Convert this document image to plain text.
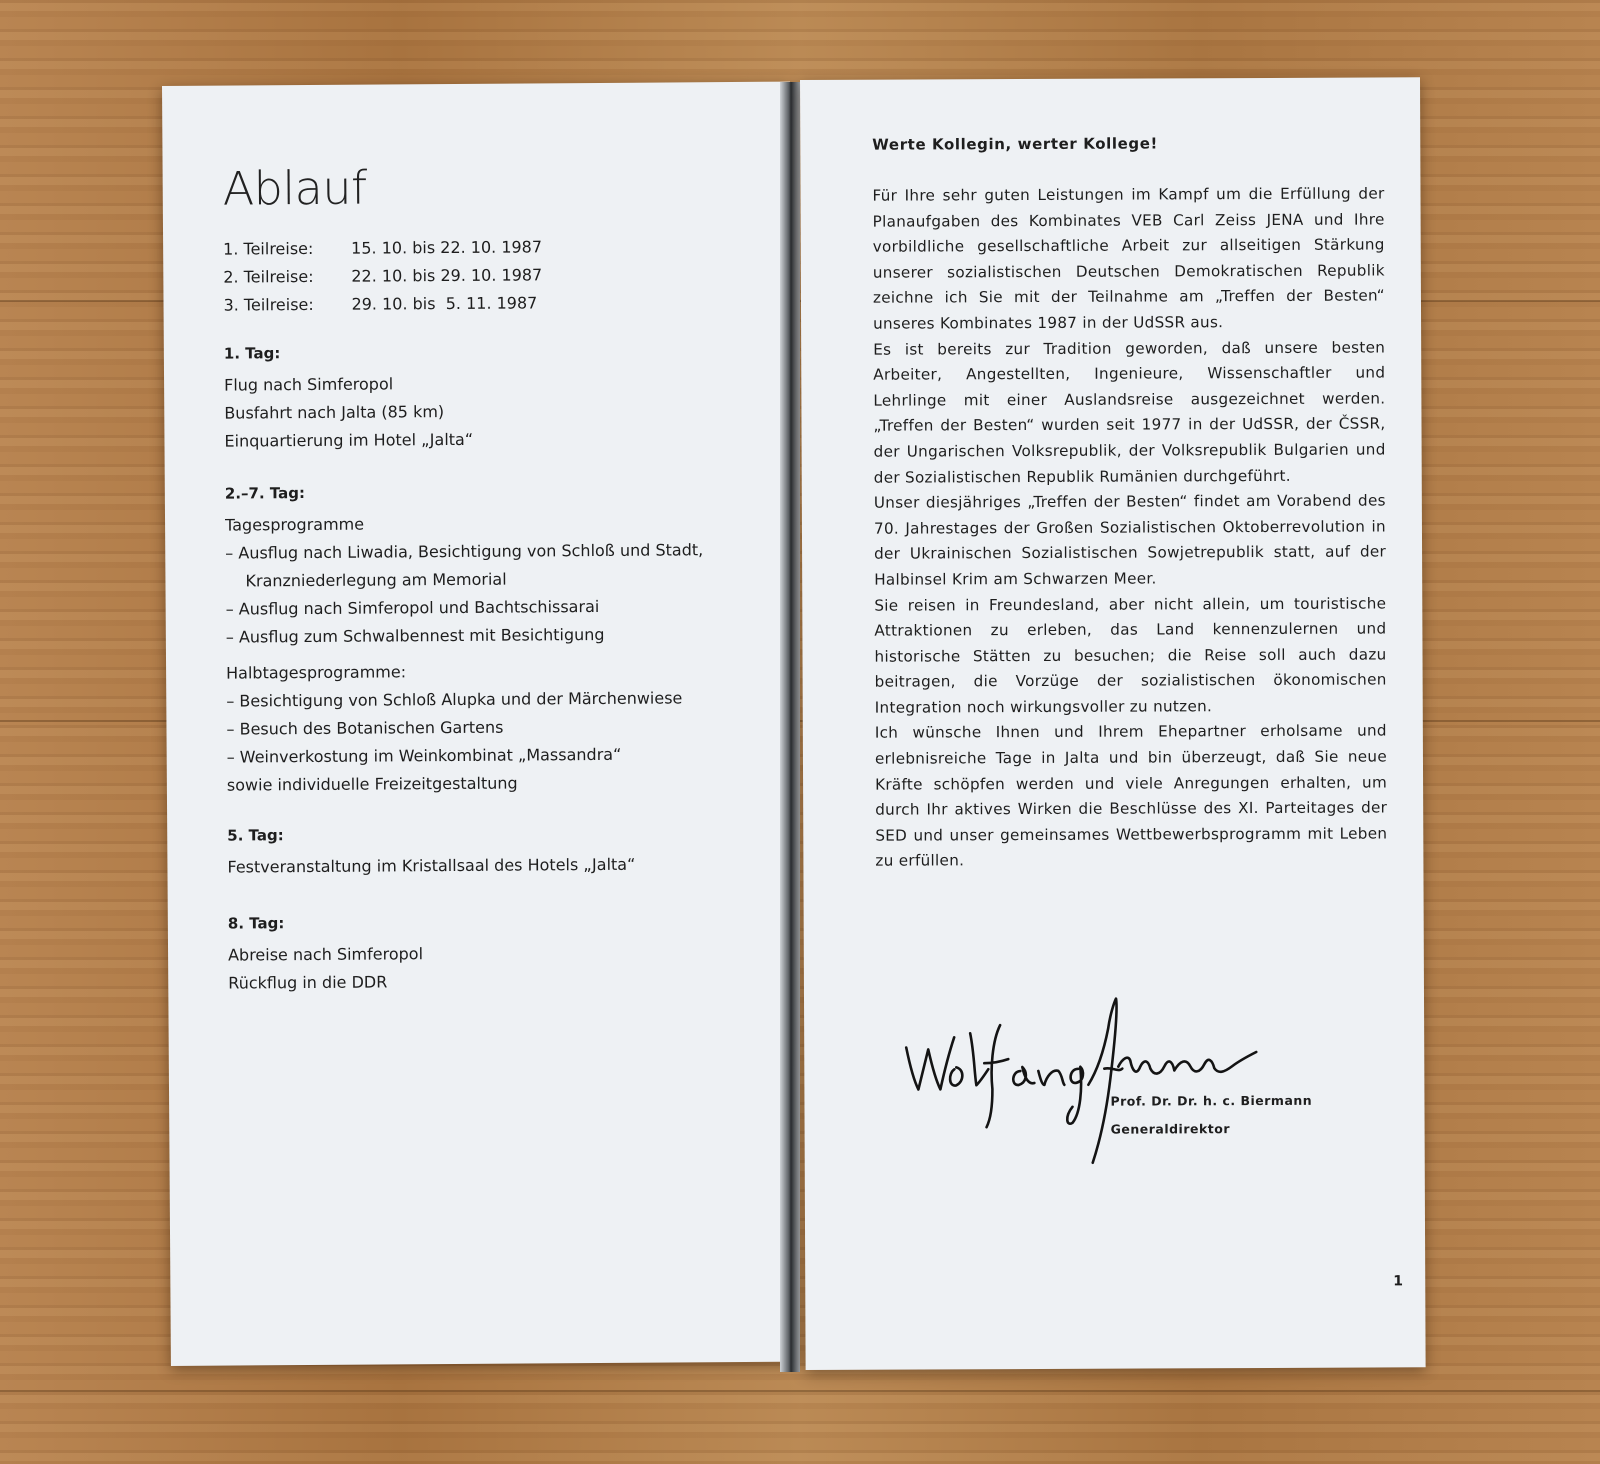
Ablauf
1. Teilreise:	15. 10. bis 22. 10. 1987
2. Teilreise:	22. 10. bis 29. 10. 1987
3. Teilreise:	29. 10. bis  5. 11. 1987
1. Tag:
Flug nach Simferopol
Busfahrt nach Jalta (85 km)
Einquartierung im Hotel „Jalta“
2.–7. Tag:
Tagesprogramme
– Ausflug nach Liwadia, Besichtigung von Schloß und Stadt,
Kranzniederlegung am Memorial
– Ausflug nach Simferopol und Bachtschissarai
– Ausflug zum Schwalbennest mit Besichtigung
Halbtagesprogramme:
– Besichtigung von Schloß Alupka und der Märchenwiese
– Besuch des Botanischen Gartens
– Weinverkostung im Weinkombinat „Massandra“
sowie individuelle Freizeitgestaltung
5. Tag:
Festveranstaltung im Kristallsaal des Hotels „Jalta“
8. Tag:
Abreise nach Simferopol
Rückflug in die DDR
Werte Kollegin, werter Kollege!

Für Ihre sehr guten Leistungen im Kampf um die Erfüllung der Planaufgaben des Kombinates VEB Carl Zeiss JENA und Ihre vorbildliche gesellschaftliche Arbeit zur allseitigen Stärkung unserer sozialistischen Deutschen Demokratischen Republik zeichne ich Sie mit der Teilnahme am „Treffen der Besten“ unseres Kombinates 1987 in der UdSSR aus.

Es ist bereits zur Tradition geworden, daß unsere besten Arbeiter, Angestellten, Ingenieure, Wissenschaftler und Lehrlinge mit einer Auslandsreise ausgezeichnet werden. „Treffen der Besten“ wurden seit 1977 in der UdSSR, der ČSSR, der Ungarischen Volksrepublik, der Volksrepublik Bulgarien und der Sozialistischen Republik Rumänien durchgeführt.

Unser diesjähriges „Treffen der Besten“ findet am Vorabend des 70. Jahrestages der Großen Sozialistischen Oktoberrevolution in der Ukrainischen Sozialistischen Sowjetrepublik statt, auf der Halbinsel Krim am Schwarzen Meer.

Sie reisen in Freundesland, aber nicht allein, um touristische Attraktionen zu erleben, das Land kennenzulernen und historische Stätten zu besuchen; die Reise soll auch dazu beitragen, die Vorzüge der sozialistischen ökonomischen Integration noch wirkungsvoller zu nutzen.

Ich wünsche Ihnen und Ihrem Ehepartner erholsame und erlebnisreiche Tage in Jalta und bin überzeugt, daß Sie neue Kräfte schöpfen werden und viele Anregungen erhalten, um durch Ihr aktives Wirken die Beschlüsse des XI. Parteitages der SED und unser gemeinsames Wettbewerbsprogramm mit Leben zu erfüllen.

Prof. Dr. Dr. h. c. Biermann
Generaldirektor
1
